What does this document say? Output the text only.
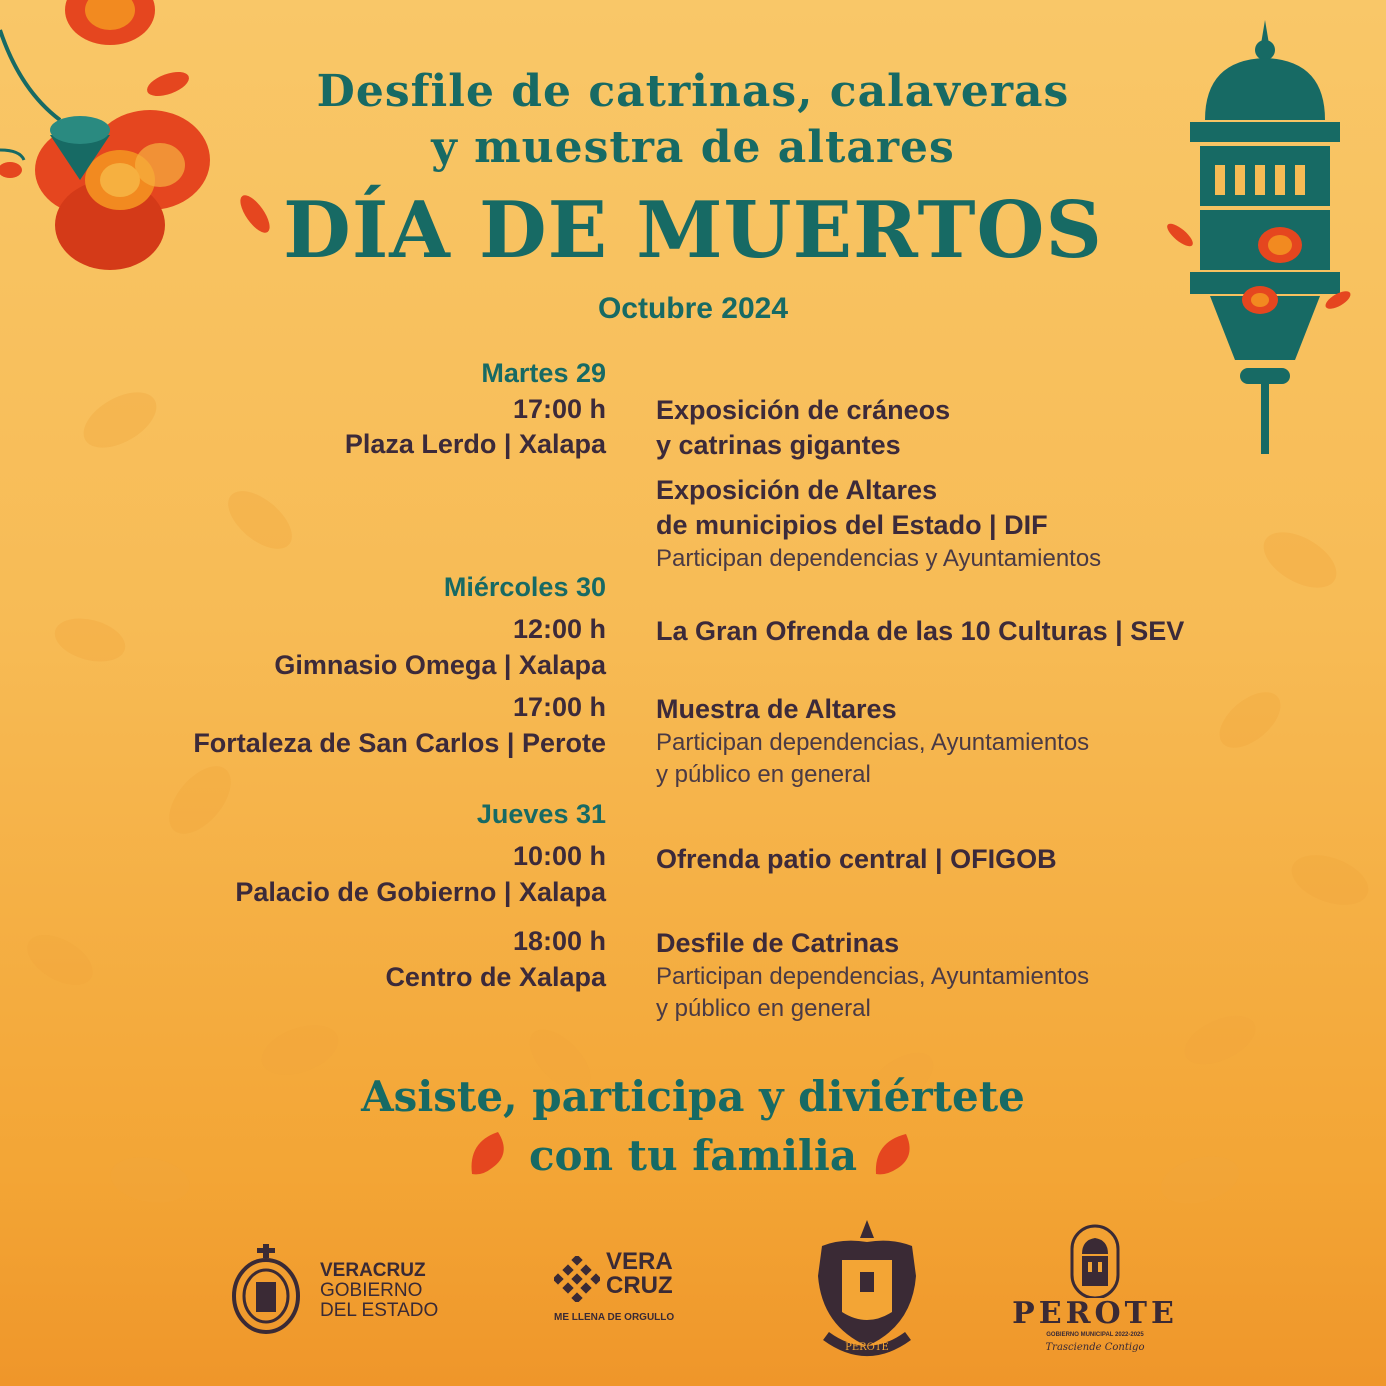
Desfile de catrinas, calaveras
y muestra de altares
DÍA DE MUERTOS
Octubre 2024
Martes 29
17:00 h
Plaza Lerdo | Xalapa
Exposición de cráneos
y catrinas gigantes
Exposición de Altares
de municipios del Estado | DIF
Participan dependencias y Ayuntamientos
Miércoles 30
12:00 h
Gimnasio Omega | Xalapa
La Gran Ofrenda de las 10 Culturas | SEV
17:00 h
Fortaleza de San Carlos | Perote
Muestra de Altares
Participan dependencias, Ayuntamientos
y público en general
Jueves 31
10:00 h
Palacio de Gobierno | Xalapa
Ofrenda patio central | OFIGOB
18:00 h
Centro de Xalapa
Desfile de Catrinas
Participan dependencias, Ayuntamientos
y público en general
Asiste, participa y diviértete
con tu familia
VERACRUZ
GOBIERNO
DEL ESTADO
VERA
CRUZ
ME LLENA DE ORGULLO
PEROTE
PEROTE
GOBIERNO MUNICIPAL 2022-2025
Trasciende Contigo
